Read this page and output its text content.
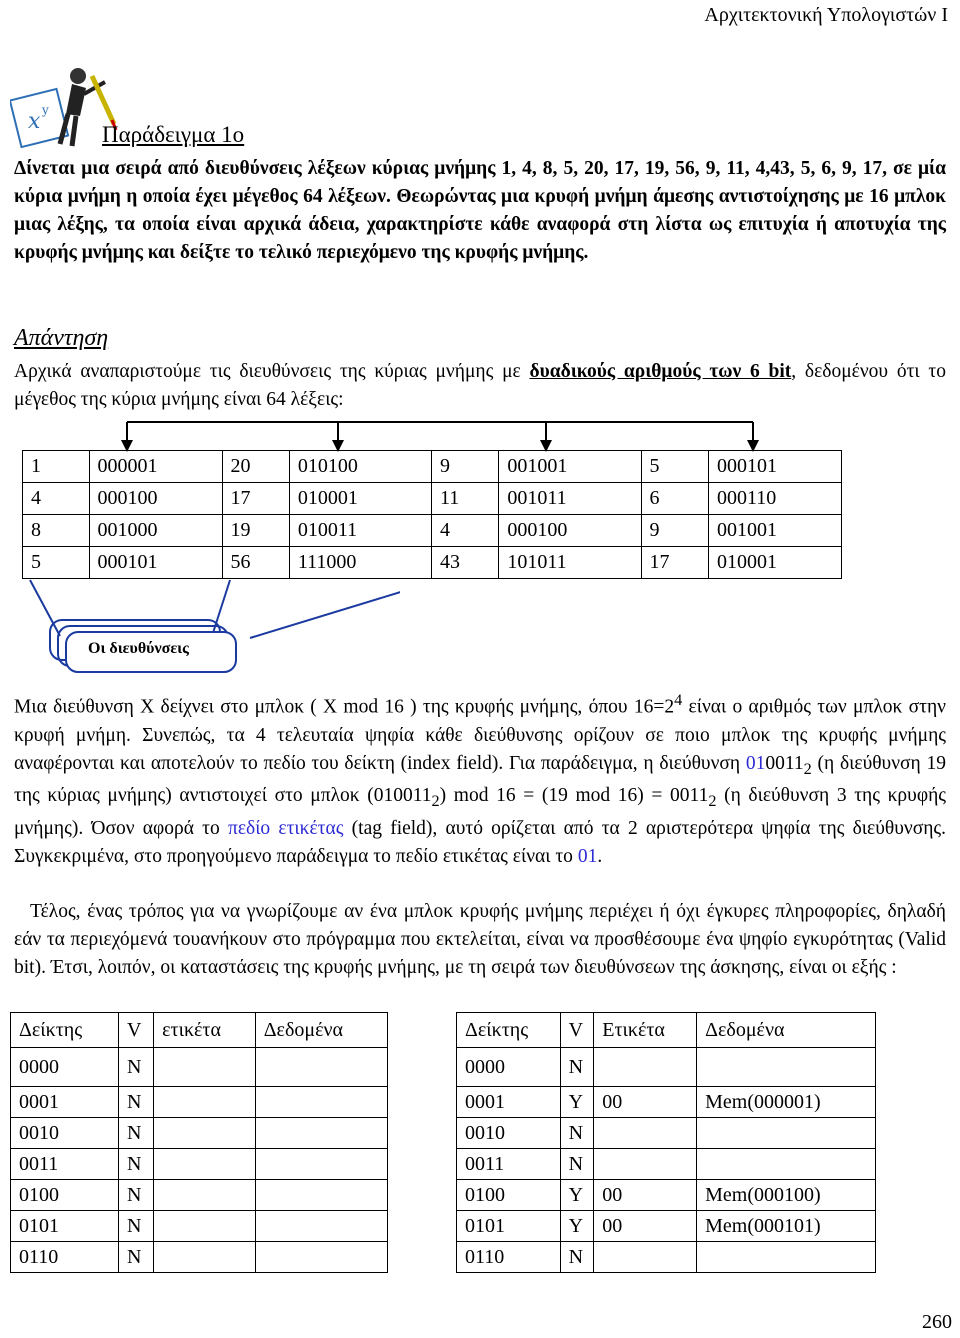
Αρχιτεκτονική Υπολογιστών Ι
x y
Παράδειγμα 1ο
Δίνεται μια σειρά από διευθύνσεις λέξεων κύριας μνήμης 1, 4, 8, 5, 20, 17, 19, 56, 9, 11, 4,43, 5, 6, 9, 17, σε μία κύρια μνήμη η οποία έχει μέγεθος 64 λέξεων. Θεωρώντας μια κρυφή μνήμη άμεσης αντιστοίχησης με 16 μπλοκ μιας λέξης, τα οποία είναι αρχικά άδεια, χαρακτηρίστε κάθε αναφορά στη λίστα ως επιτυχία ή αποτυχία της κρυφής μνήμης και δείξτε το τελικό περιεχόμενο της κρυφής μνήμης.
Απάντηση
Αρχικά αναπαριστούμε τις διευθύνσεις της κύριας μνήμης με δυαδικούς αριθμούς των 6 bit, δεδομένου ότι το μέγεθος της κύρια μνήμης είναι 64 λέξεις:
1	000001	20	010100	9	001001	5	000101
4	000100	17	010001	11	001011	6	000110
8	001000	19	010011	4	000100	9	001001
5	000101	56	111000	43	101011	17	010001
Οι διευθύνσεις
Μια διεύθυνση X δείχνει στο μπλοκ ( X mod 16 ) της κρυφής μνήμης, όπου $16=2^4$ είναι ο αριθμός των μπλοκ στην κρυφή μνήμη. Συνεπώς, τα 4 τελευταία ψηφία κάθε διεύθυνσης ορίζουν σε ποιο μπλοκ της κρυφής μνήμης αναφέρονται και αποτελούν το πεδίο του δείκτη (index field). Για παράδειγμα, η διεύθυνση $010011_2$ (η διεύθυνση 19 της κύριας μνήμης) αντιστοιχεί στο μπλοκ $(010011_2)$ mod 16 = (19 mod $16) = 0011_2$ (η διεύθυνση 3 της κρυφής μνήμης). Όσον αφορά το πεδίο ετικέτας (tag field), αυτό ορίζεται από τα 2 αριστερότερα ψηφία της διεύθυνσης. Συγκεκριμένα, στο προηγούμενο παράδειγμα το πεδίο ετικέτας είναι το 01.
Τέλος, ένας τρόπος για να γνωρίζουμε αν ένα μπλοκ κρυφής μνήμης περιέχει ή όχι έγκυρες πληροφορίες, δηλαδή εάν τα περιεχόμενά τουανήκουν στο πρόγραμμα που εκτελείται, είναι να προσθέσουμε ένα ψηφίο εγκυρότητας (Valid bit). Έτσι, λοιπόν, οι καταστάσεις της κρυφής μνήμης, με τη σειρά των διευθύνσεων της άσκησης, είναι οι εξής :
Δείκτης	V	ετικέτα	Δεδομένα
0000	N		
0001	N		
0010	N		
0011	N		
0100	N		
0101	N		
0110	N		
Δείκτης	V	Ετικέτα	Δεδομένα
0000	N		
0001	Y	00	Mem(000001)
0010	N		
0011	N		
0100	Y	00	Mem(000100)
0101	Y	00	Mem(000101)
0110	N		
260
